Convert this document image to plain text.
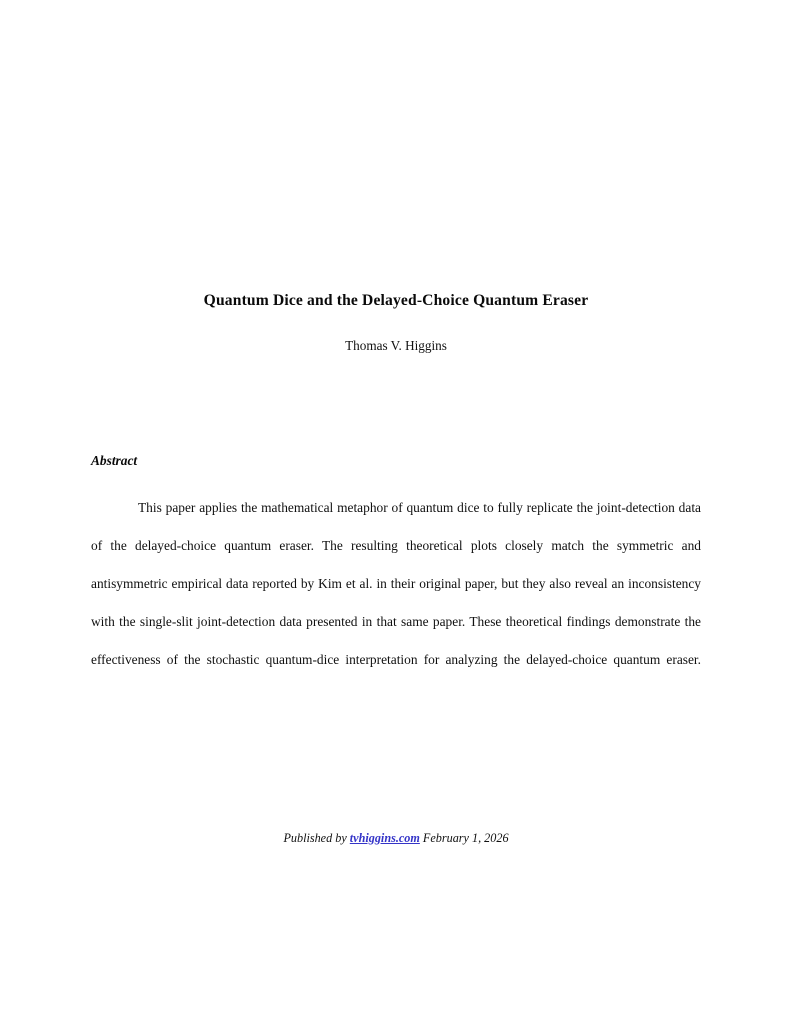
Quantum Dice and the Delayed-Choice Quantum Eraser
Thomas V. Higgins
Abstract
This paper applies the mathematical metaphor of quantum dice to fully replicate the joint-detection data of the delayed-choice quantum eraser. The resulting theoretical plots closely match the symmetric and antisymmetric empirical data reported by Kim et al. in their original paper, but they also reveal an inconsistency with the single-slit joint-detection data presented in that same paper. These theoretical findings demonstrate the effectiveness of the stochastic quantum-dice interpretation for analyzing the delayed-choice quantum eraser.
Published by tvhiggins.com February 1, 2026
